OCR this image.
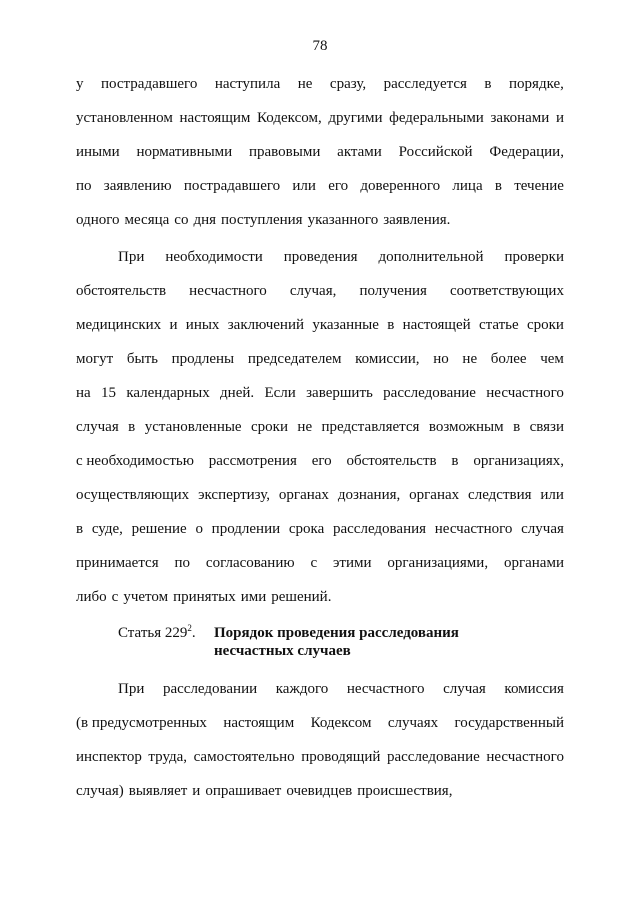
78
у пострадавшего наступила не сразу, расследуется в порядке,
установленном настоящим Кодексом, другими федеральными законами и
иными нормативными правовыми актами Российской Федерации,
по заявлению пострадавшего или его доверенного лица в течение
одного месяца со дня поступления указанного заявления.
При необходимости проведения дополнительной проверки
обстоятельств несчастного случая, получения соответствующих
медицинских и иных заключений указанные в настоящей статье сроки
могут быть продлены председателем комиссии, но не более чем
на 15 календарных дней. Если завершить расследование несчастного
случая в установленные сроки не представляется возможным в связи
с необходимостью рассмотрения его обстоятельств в организациях,
осуществляющих экспертизу, органах дознания, органах следствия или
в суде, решение о продлении срока расследования несчастного случая
принимается по согласованию с этими организациями, органами
либо с учетом принятых ими решений.
Статья $229^2$. Порядок проведения расследования
несчастных случаев
При расследовании каждого несчастного случая комиссия
(в предусмотренных настоящим Кодексом случаях государственный
инспектор труда, самостоятельно проводящий расследование несчастного
случая) выявляет и опрашивает очевидцев происшествия,
